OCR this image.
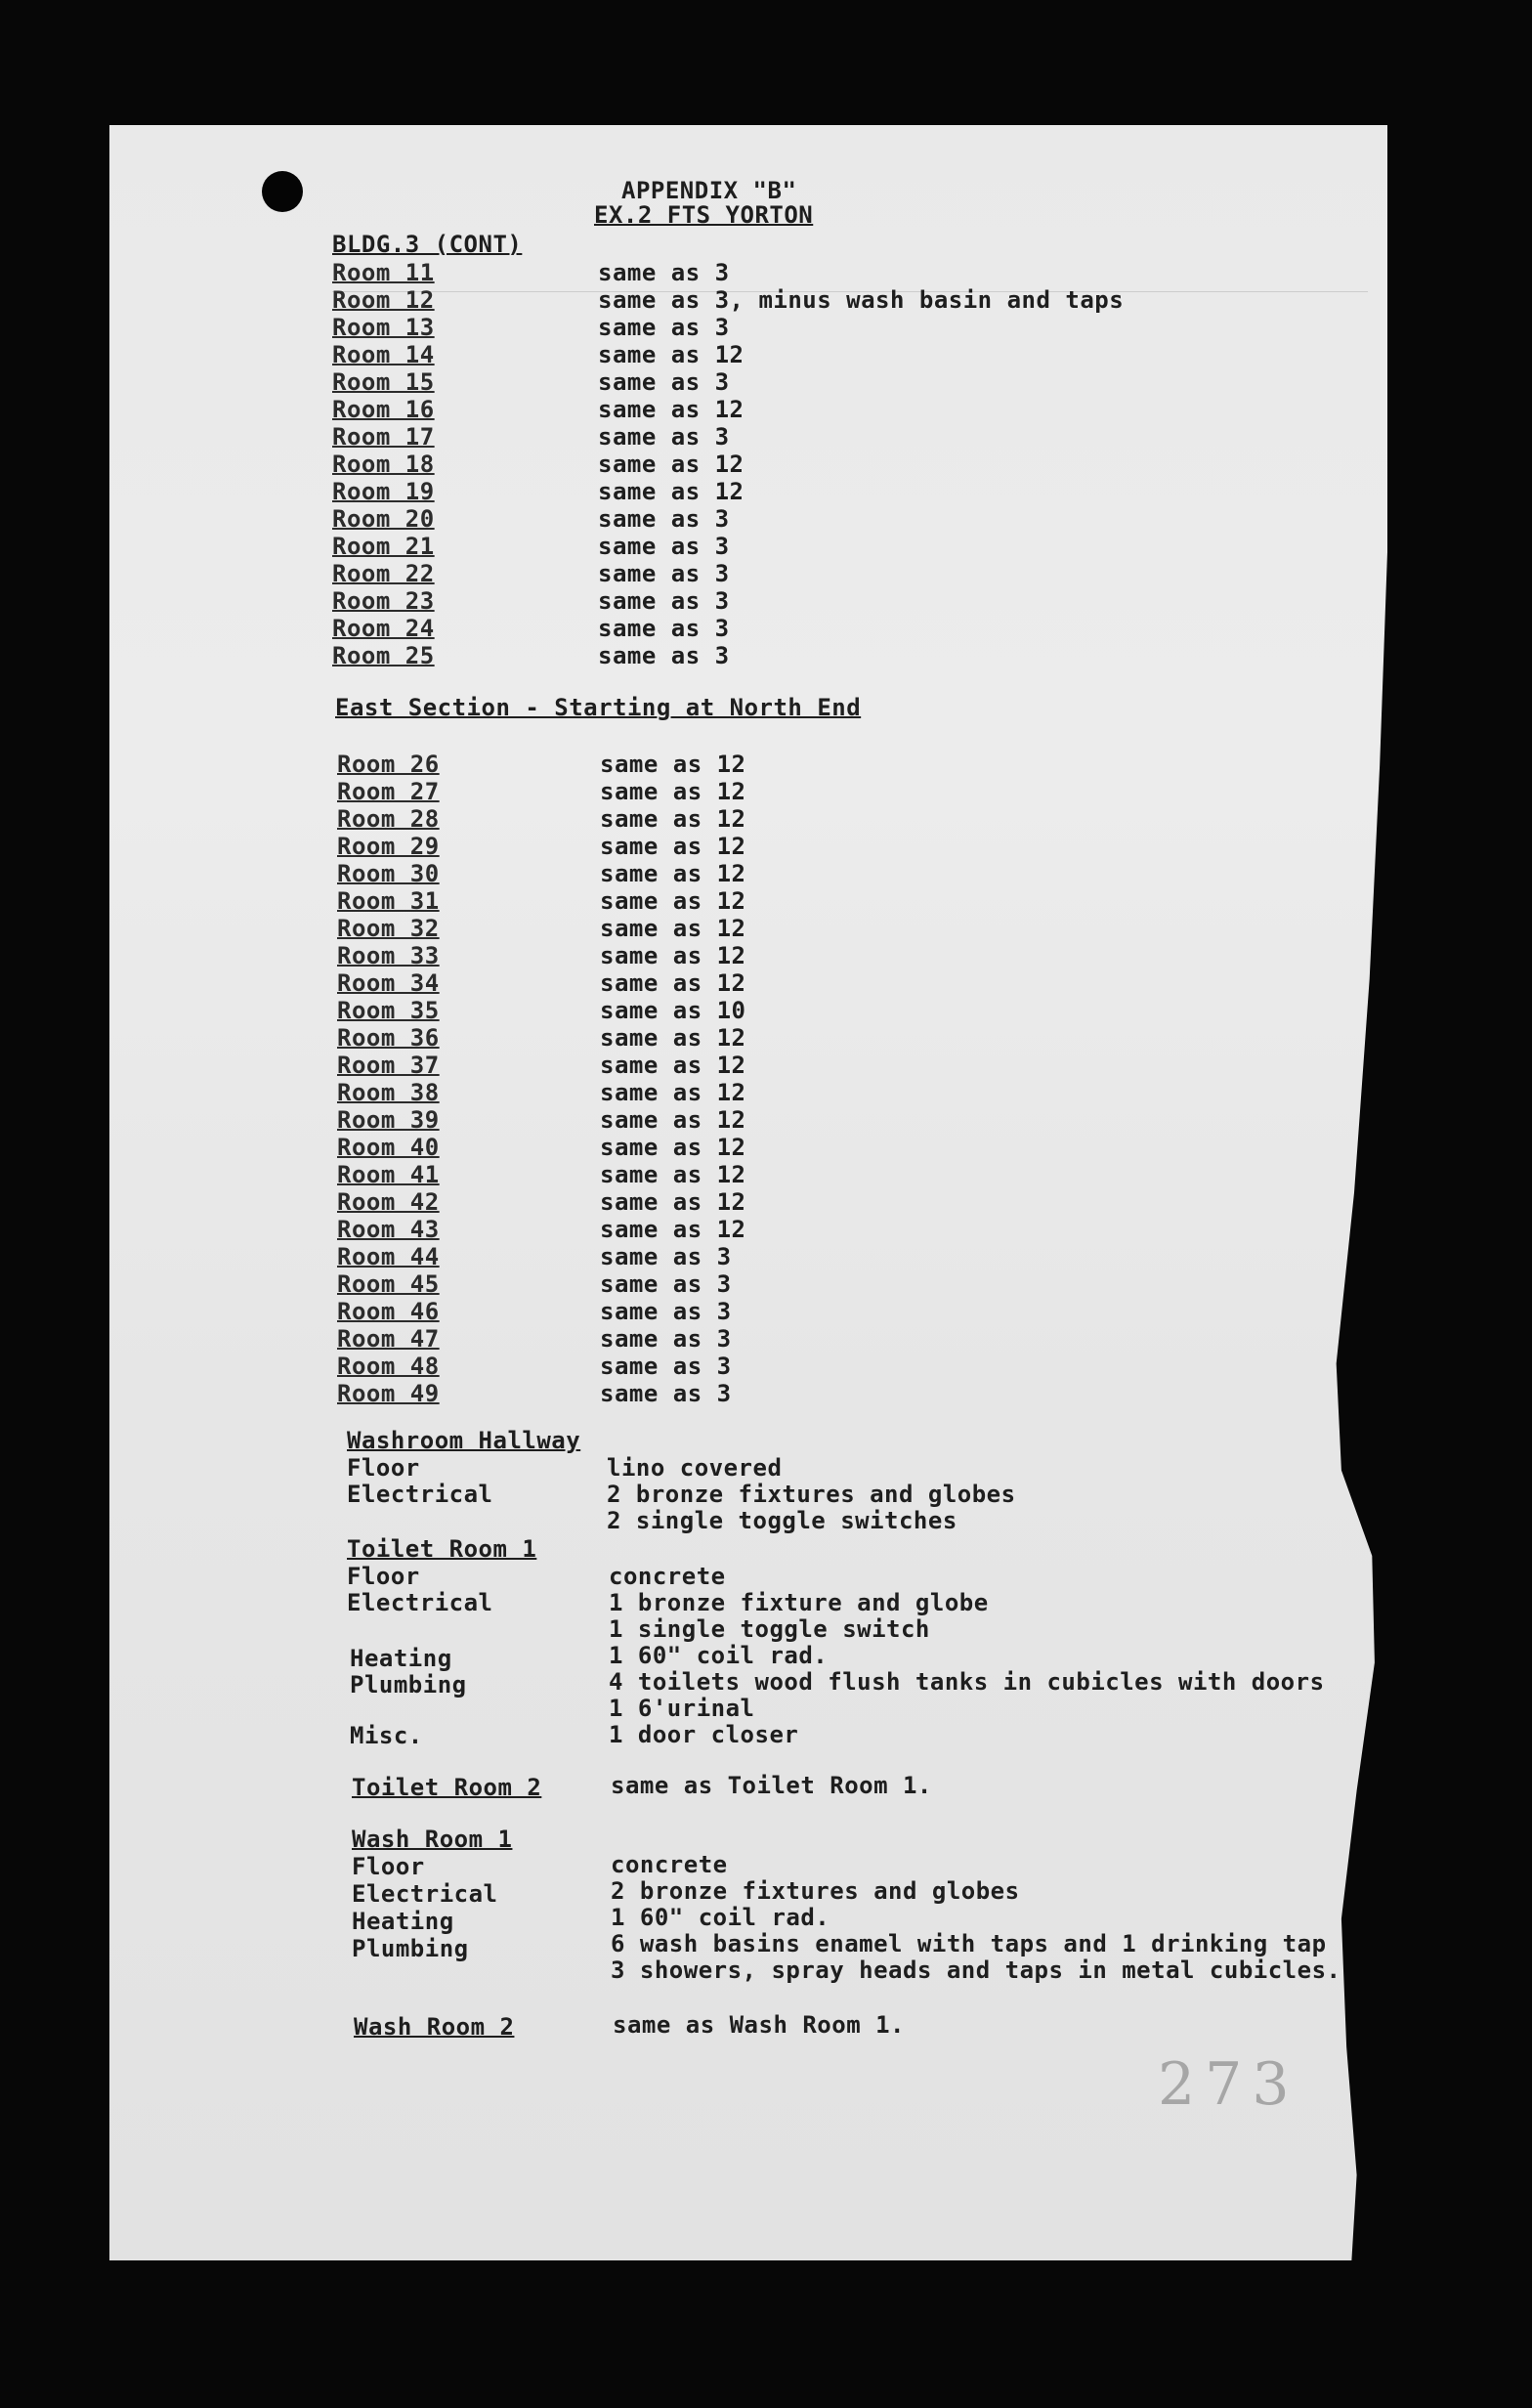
APPENDIX "B"
EX.2 FTS YORTON
BLDG.3 (CONT)
Room 11	same as 3
Room 12	same as 3, minus wash basin and taps
Room 13	same as 3
Room 14	same as 12
Room 15	same as 3
Room 16	same as 12
Room 17	same as 3
Room 18	same as 12
Room 19	same as 12
Room 20	same as 3
Room 21	same as 3
Room 22	same as 3
Room 23	same as 3
Room 24	same as 3
Room 25	same as 3
East Section - Starting at North End
Room 26	same as 12
Room 27	same as 12
Room 28	same as 12
Room 29	same as 12
Room 30	same as 12
Room 31	same as 12
Room 32	same as 12
Room 33	same as 12
Room 34	same as 12
Room 35	same as 10
Room 36	same as 12
Room 37	same as 12
Room 38	same as 12
Room 39	same as 12
Room 40	same as 12
Room 41	same as 12
Room 42	same as 12
Room 43	same as 12
Room 44	same as 3
Room 45	same as 3
Room 46	same as 3
Room 47	same as 3
Room 48	same as 3
Room 49	same as 3
Washroom Hallway
Floor	lino covered
Electrical	2 bronze fixtures and globes
2 single toggle switches
Toilet Room 1
Floor	concrete
Electrical	1 bronze fixture and globe
1 single toggle switch
Heating	1 60" coil rad.
Plumbing	4 toilets wood flush tanks in cubicles with doors
1 6'urinal
Misc.	1 door closer
Toilet Room 2	same as Toilet Room 1.
Wash Room 1
Floor	concrete
Electrical	2 bronze fixtures and globes
Heating	1 60" coil rad.
Plumbing	6 wash basins enamel with taps and 1 drinking tap
3 showers, spray heads and taps in metal cubicles.
Wash Room 2	same as Wash Room 1.
273
